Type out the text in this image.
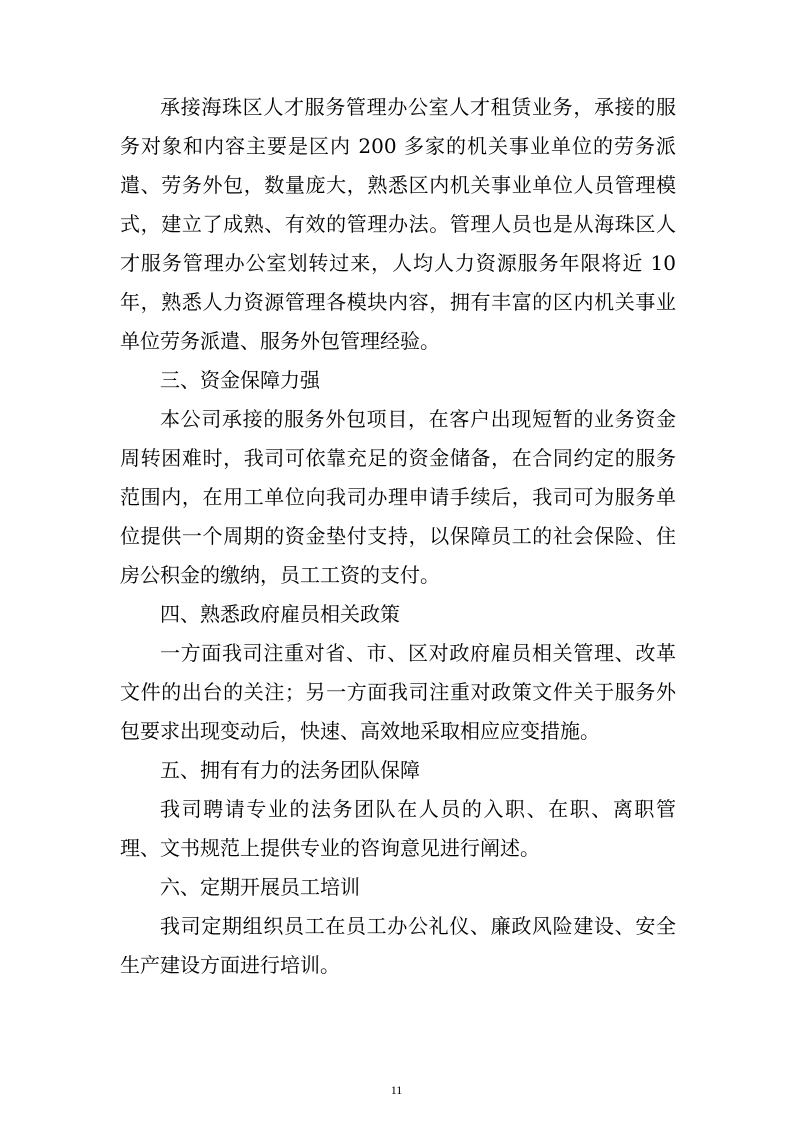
承接海珠区人才服务管理办公室人才租赁业务，承接的服务对象和内容主要是区内 200 多家的机关事业单位的劳务派遣、劳务外包，数量庞大，熟悉区内机关事业单位人员管理模式，建立了成熟、有效的管理办法。管理人员也是从海珠区人才服务管理办公室划转过来，人均人力资源服务年限将近 10 年，熟悉人力资源管理各模块内容，拥有丰富的区内机关事业单位劳务派遣、服务外包管理经验。

三、资金保障力强

本公司承接的服务外包项目，在客户出现短暂的业务资金周转困难时，我司可依靠充足的资金储备，在合同约定的服务范围内，在用工单位向我司办理申请手续后，我司可为服务单位提供一个周期的资金垫付支持，以保障员工的社会保险、住房公积金的缴纳，员工工资的支付。

四、熟悉政府雇员相关政策

一方面我司注重对省、市、区对政府雇员相关管理、改革文件的出台的关注；另一方面我司注重对政策文件关于服务外包要求出现变动后，快速、高效地采取相应应变措施。

五、拥有有力的法务团队保障

我司聘请专业的法务团队在人员的入职、在职、离职管理、文书规范上提供专业的咨询意见进行阐述。

六、定期开展员工培训

我司定期组织员工在员工办公礼仪、廉政风险建设、安全生产建设方面进行培训。

11
